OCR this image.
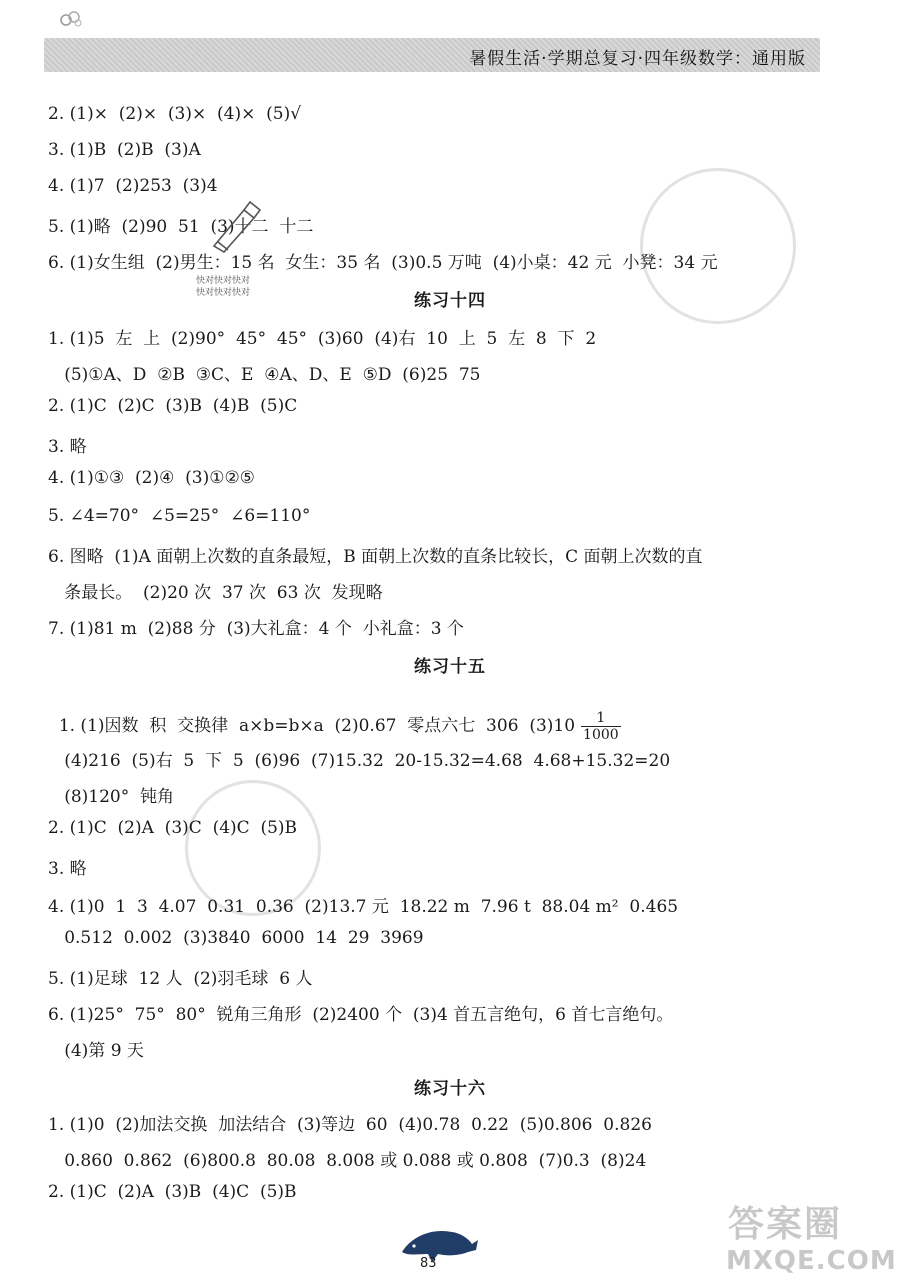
暑假生活·学期总复习·四年级数学：通用版
2. (1)×  (2)×  (3)×  (4)×  (5)√
3. (1)B  (2)B  (3)A
4. (1)7  (2)253  (3)4
5. (1)略  (2)90  51  (3)十二  十二
6. (1)女生组  (2)男生：15 名  女生：35 名  (3)0.5 万吨  (4)小桌：42 元  小凳：34 元
快对快对快对
快对快对快对	练习十四
1. (1)5  左  上  (2)90°  45°  45°  (3)60  (4)右  10  上  5  左  8  下  2
(5)①A、D  ②B  ③C、E  ④A、D、E  ⑤D  (6)25  75
2. (1)C  (2)C  (3)B  (4)B  (5)C
3. 略
4. (1)①③  (2)④  (3)①②⑤
5. ∠4=70°  ∠5=25°  ∠6=110°
6. 图略  (1)A 面朝上次数的直条最短，B 面朝上次数的直条比较长，C 面朝上次数的直
条最长。  (2)20 次  37 次  63 次  发现略
7. (1)81 m  (2)88 分  (3)大礼盒：4 个  小礼盒：3 个
练习十五

1. (1)因数  积  交换律  a×b=b×a  (2)0.67  零点六七  306  $(3)10 \frac{1}{1000}$

(4)216  (5)右  5  下  5  (6)96  (7)15.32  20-15.32=4.68  4.68+15.32=20
(8)120°  钝角
2. (1)C  (2)A  (3)C  (4)C  (5)B
3. 略
4. (1)0  1  3  4.07  0.31  0.36  (2)13.7 元  18.22 m  7.96 t  88.04 m²  0.465
0.512  0.002  (3)3840  6000  14  29  3969
5. (1)足球  12 人  (2)羽毛球  6 人
6. (1)25°  75°  80°  锐角三角形  (2)2400 个  (3)4 首五言绝句，6 首七言绝句。
(4)第 9 天
练习十六
1. (1)0  (2)加法交换  加法结合  (3)等边  60  (4)0.78  0.22  (5)0.806  0.826
0.860  0.862  (6)800.8  80.08  8.008 或 0.088 或 0.808  (7)0.3  (8)24
2. (1)C  (2)A  (3)B  (4)C  (5)B
83
答案圈
MXQE.COM
